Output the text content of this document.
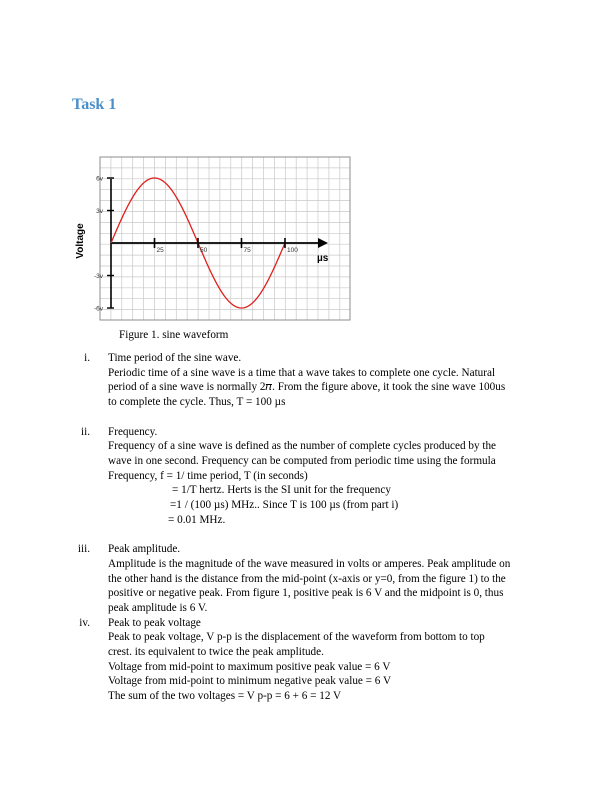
Task 1
Voltage	µs
25	50	75	100
6v
3v
-3v
-6v
Figure 1. sine waveform
i. Time period of the sine wave.
Periodic time of a sine wave is a time that a wave takes to complete one cycle. Natural
period of a sine wave is normally 2𝜋. From the figure above, it took the sine wave 100us
to complete the cycle. Thus, T = 100 µs
ii. Frequency.
Frequency of a sine wave is defined as the number of complete cycles produced by the
wave in one second. Frequency can be computed from periodic time using the formula
Frequency, f = 1/ time period, T (in seconds)
= 1/T hertz. Herts is the SI unit for the frequency
=1 / (100 µs) MHz.. Since T is 100 µs (from part i)
= 0.01 MHz.
iii. Peak amplitude.
Amplitude is the magnitude of the wave measured in volts or amperes. Peak amplitude on
the other hand is the distance from the mid-point (x-axis or y=0, from the figure 1) to the
positive or negative peak. From figure 1, positive peak is 6 V and the midpoint is 0, thus
peak amplitude is 6 V.
iv. Peak to peak voltage
Peak to peak voltage, V p-p is the displacement of the waveform from bottom to top
crest. its equivalent to twice the peak amplitude.
Voltage from mid-point to maximum positive peak value = 6 V
Voltage from mid-point to minimum negative peak value = 6 V
The sum of the two voltages = V p-p = 6 + 6 = 12 V
